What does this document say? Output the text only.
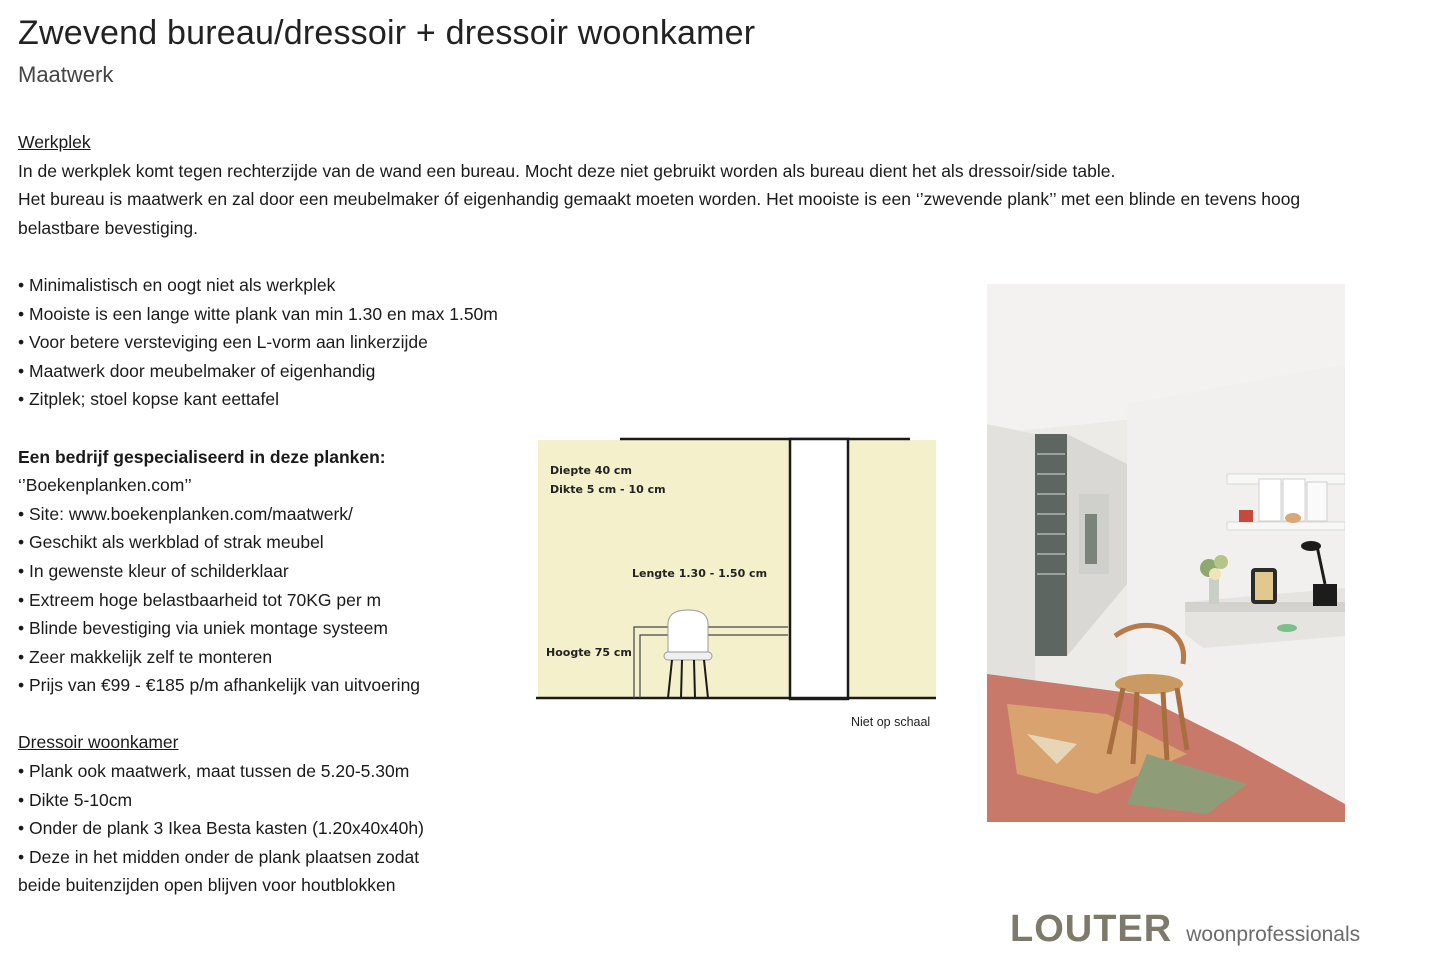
Zwevend bureau/dressoir + dressoir woonkamer
Maatwerk

Werkplek

In de werkplek komt tegen rechterzijde van de wand een bureau. Mocht deze niet gebruikt worden als bureau dient het als dressoir/side table.

Het bureau is maatwerk en zal door een meubelmaker óf eigenhandig gemaakt moeten worden. Het mooiste is een ‘’zwevende plank’’ met een blinde en tevens hoog belastbare bevestiging.

• Minimalistisch en oogt niet als werkplek
• Mooiste is een lange witte plank van min 1.30 en max 1.50m
• Voor betere versteviging een L-vorm aan linkerzijde
• Maatwerk door meubelmaker of eigenhandig
• Zitplek; stoel kopse kant eettafel

Een bedrijf gespecialiseerd in deze planken:

‘’Boekenplanken.com’’

• Site: www.boekenplanken.com/maatwerk/
• Geschikt als werkblad of strak meubel
• In gewenste kleur of schilderklaar
• Extreem hoge belastbaarheid tot 70KG per m
• Blinde bevestiging via uniek montage systeem
• Zeer makkelijk zelf te monteren
• Prijs van €99 - €185 p/m afhankelijk van uitvoering

Dressoir woonkamer

• Plank ook maatwerk, maat tussen de 5.20-5.30m
• Dikte 5-10cm
• Onder de plank 3 Ikea Besta kasten (1.20x40x40h)
• Deze in het midden onder de plank plaatsen zodat
beide buitenzijden open blijven voor houtblokken
Diepte 40 cm
Dikte 5 cm - 10 cm
Lengte 1.30 - 1.50 cm
Hoogte 75 cm
Niet op schaal
LOUTER woonprofessionals
